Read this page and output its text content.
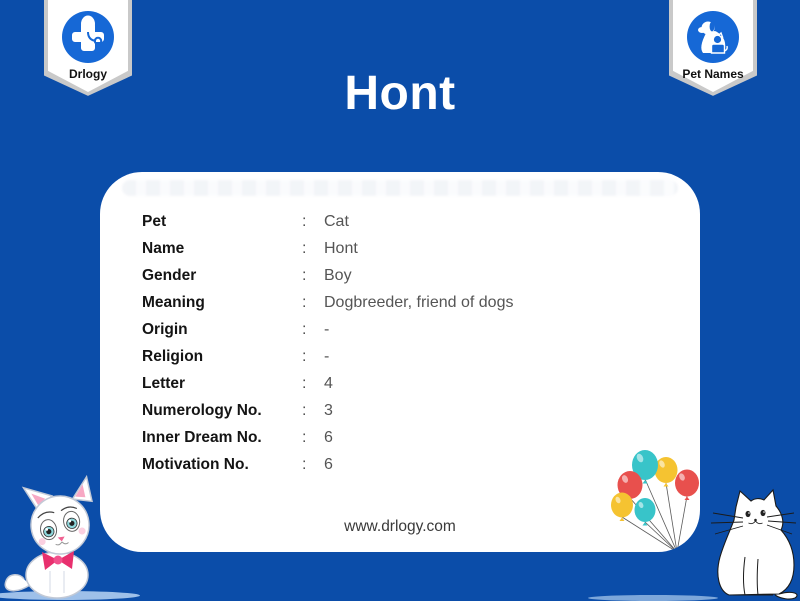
Drlogy	Pet Names
Hont
Pet	:	Cat
Name	:	Hont
Gender	:	Boy
Meaning	:	Dogbreeder, friend of dogs
Origin	:	-
Religion	:	-
Letter	:	4
Numerology No.	:	3
Inner Dream No.	:	6
Motivation No.	:	6
www.drlogy.com
